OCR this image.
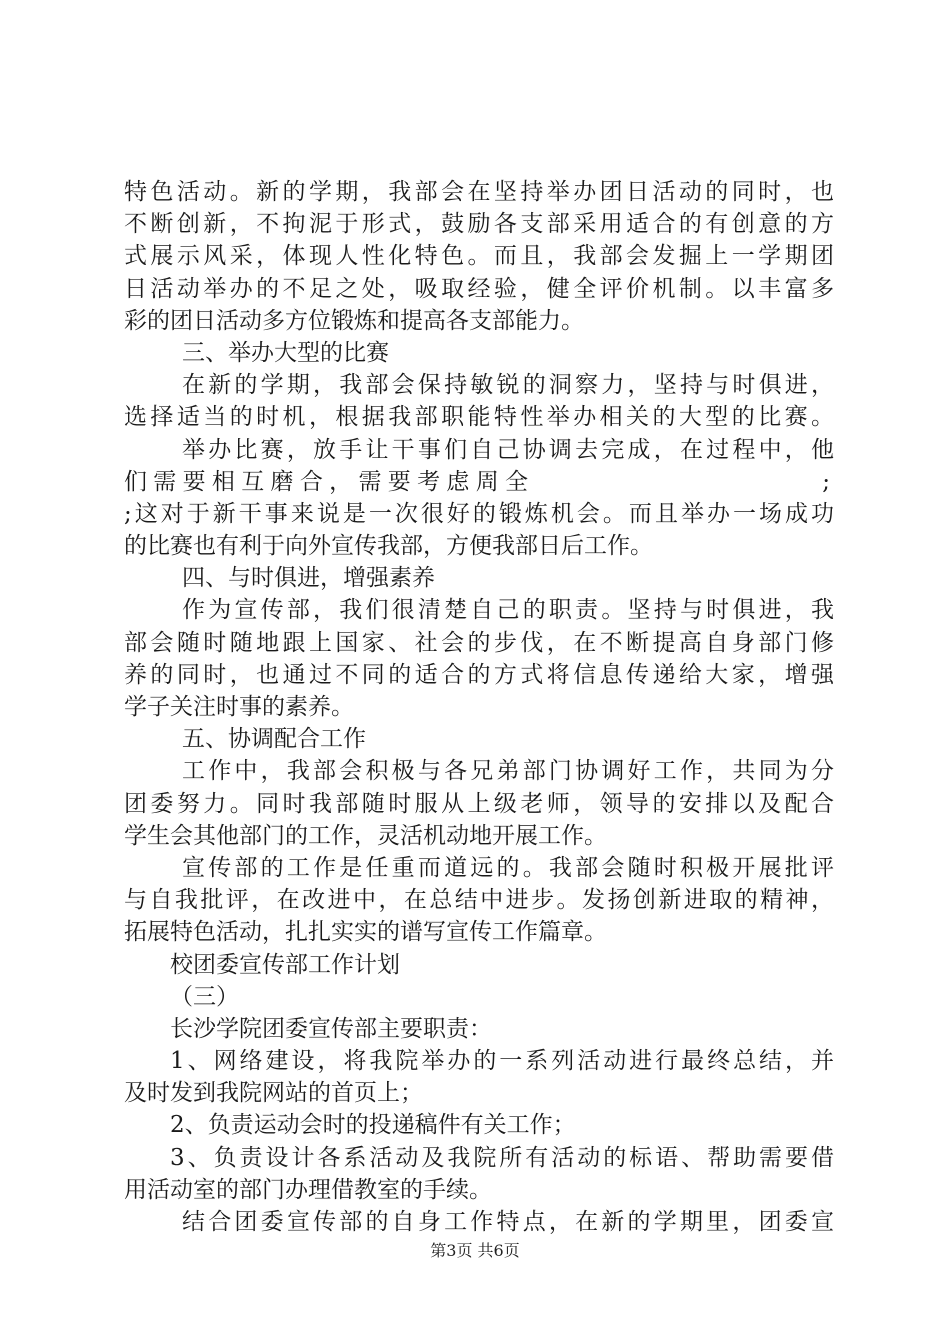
特色活动。新的学期，我部会在坚持举办团日活动的同时，也
不断创新，不拘泥于形式，鼓励各支部采用适合的有创意的方
式展示风采，体现人性化特色。而且，我部会发掘上一学期团
日活动举办的不足之处，吸取经验，健全评价机制。以丰富多
彩的团日活动多方位锻炼和提高各支部能力。
三、举办大型的比赛
在新的学期，我部会保持敏锐的洞察力，坚持与时俱进，
选择适当的时机，根据我部职能特性举办相关的大型的比赛。
举办比赛，放手让干事们自己协调去完成，在过程中，他
们需要相互磨合，需要考虑周全	;
;这对于新干事来说是一次很好的锻炼机会。而且举办一场成功
的比赛也有利于向外宣传我部，方便我部日后工作。
四、与时俱进，增强素养
作为宣传部，我们很清楚自己的职责。坚持与时俱进，我
部会随时随地跟上国家、社会的步伐，在不断提高自身部门修
养的同时，也通过不同的适合的方式将信息传递给大家，增强
学子关注时事的素养。
五、协调配合工作
工作中，我部会积极与各兄弟部门协调好工作，共同为分
团委努力。同时我部随时服从上级老师，领导的安排以及配合
学生会其他部门的工作，灵活机动地开展工作。
宣传部的工作是任重而道远的。我部会随时积极开展批评
与自我批评，在改进中，在总结中进步。发扬创新进取的精神，
拓展特色活动，扎扎实实的谱写宣传工作篇章。
校团委宣传部工作计划
（三）
长沙学院团委宣传部主要职责：
1、网络建设，将我院举办的一系列活动进行最终总结，并
及时发到我院网站的首页上；
2、负责运动会时的投递稿件有关工作；
3、负责设计各系活动及我院所有活动的标语、帮助需要借
用活动室的部门办理借教室的手续。
结合团委宣传部的自身工作特点，在新的学期里，团委宣
第3页 共6页
